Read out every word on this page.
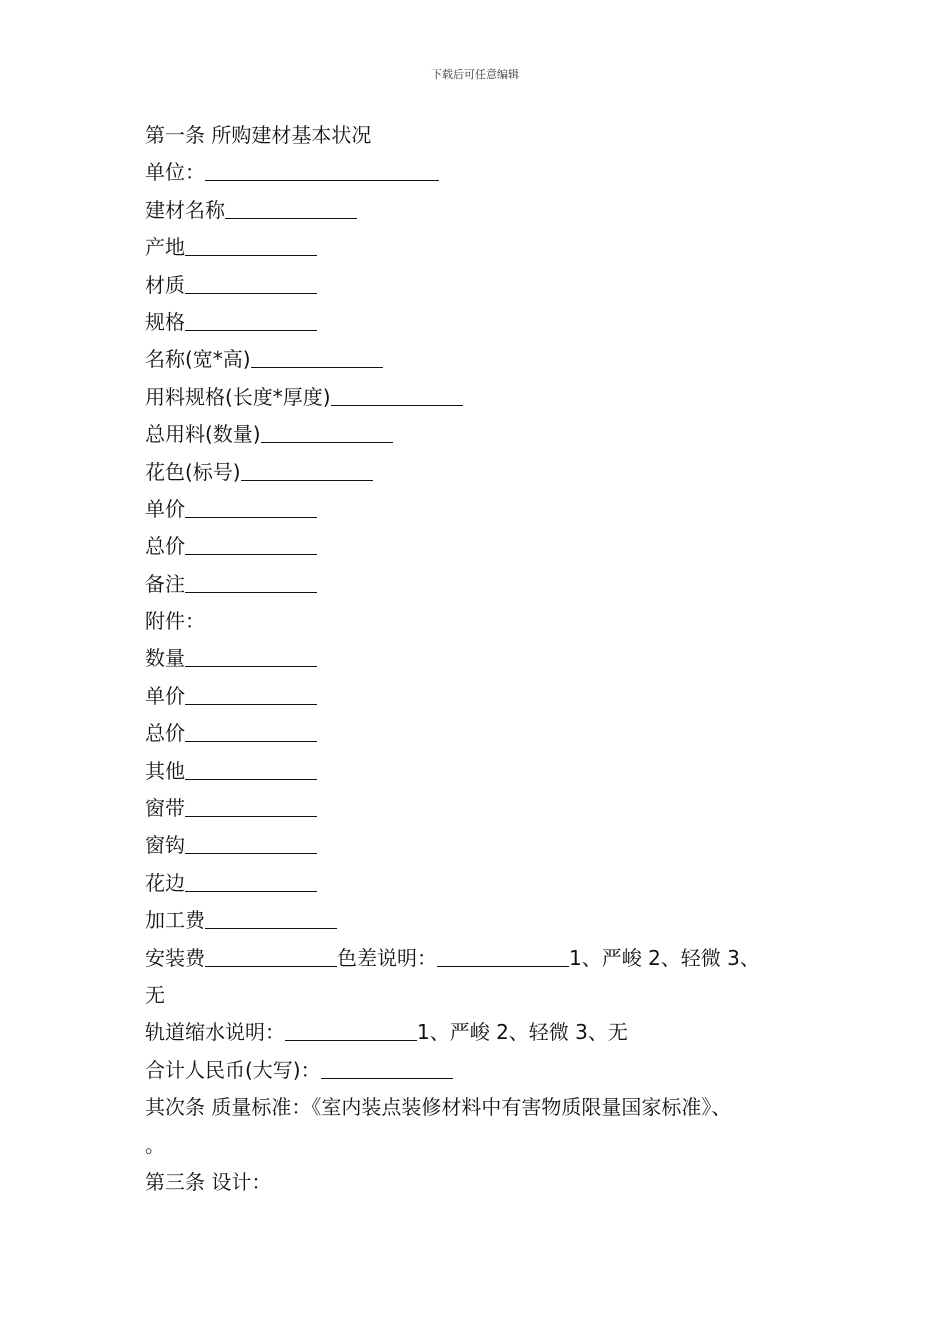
下载后可任意编辑
第一条 所购建材基本状况
单位：
建材名称
产地
材质
规格
名称(宽*高)
用料规格(长度*厚度)
总用料(数量)
花色(标号)
单价
总价
备注
附件：
数量
单价
总价
其他
窗带
窗钩
花边
加工费
安装费	色差说明：	1、严峻 2、轻微 3、
无
轨道缩水说明：	1、严峻 2、轻微 3、无
合计人民币(大写)：
其次条 质量标准：《室内装点装修材料中有害物质限量国家标准》、
。
第三条 设计：
